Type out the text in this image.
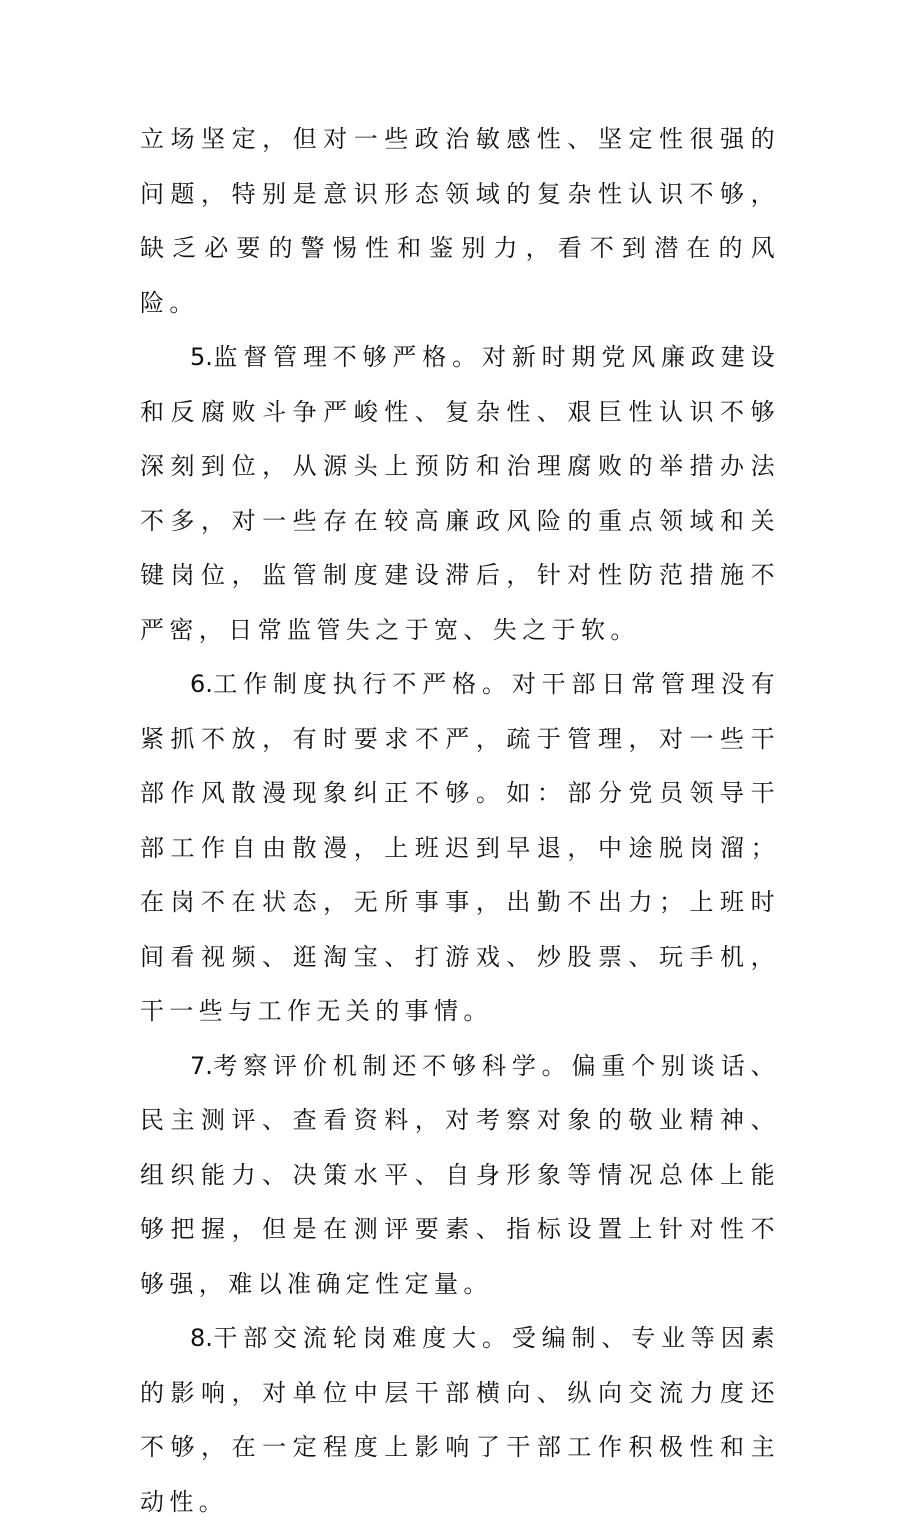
立场坚定，但对一些政治敏感性、坚定性很强的问题，特别是意识形态领域的复杂性认识不够，缺乏必要的警惕性和鉴别力，看不到潜在的风险。

5.监督管理不够严格。对新时期党风廉政建设和反腐败斗争严峻性、复杂性、艰巨性认识不够深刻到位，从源头上预防和治理腐败的举措办法不多，对一些存在较高廉政风险的重点领域和关键岗位，监管制度建设滞后，针对性防范措施不严密，日常监管失之于宽、失之于软。

6.工作制度执行不严格。对干部日常管理没有紧抓不放，有时要求不严，疏于管理，对一些干部作风散漫现象纠正不够。如：部分党员领导干部工作自由散漫，上班迟到早退，中途脱岗溜；在岗不在状态，无所事事，出勤不出力；上班时间看视频、逛淘宝、打游戏、炒股票、玩手机，干一些与工作无关的事情。

7.考察评价机制还不够科学。偏重个别谈话、民主测评、查看资料，对考察对象的敬业精神、组织能力、决策水平、自身形象等情况总体上能够把握，但是在测评要素、指标设置上针对性不够强，难以准确定性定量。

8.干部交流轮岗难度大。受编制、专业等因素的影响，对单位中层干部横向、纵向交流力度还不够，在一定程度上影响了干部工作积极性和主动性。
